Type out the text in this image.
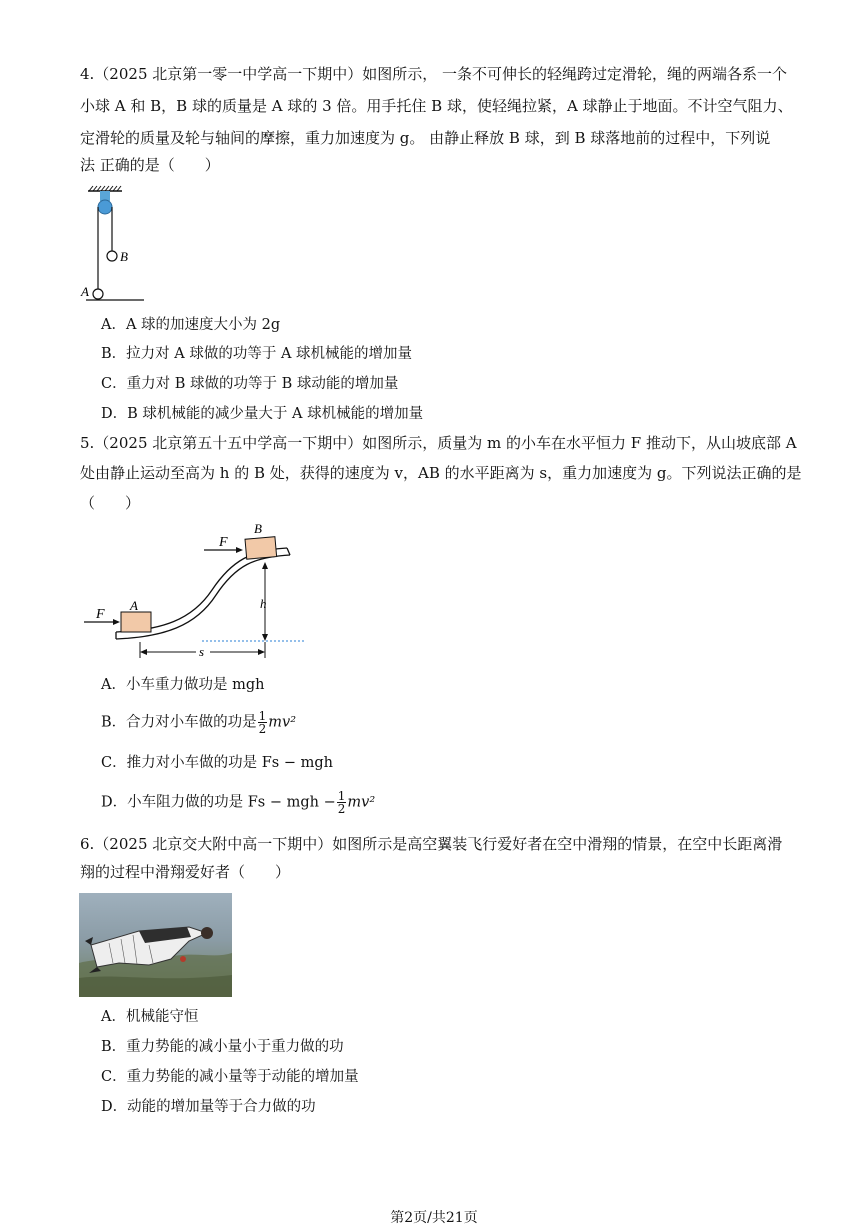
4.（2025 北京第一零一中学高一下期中）如图所示， 一条不可伸长的轻绳跨过定滑轮，绳的两端各系一个
小球 A 和 B，B 球的质量是 A 球的 3 倍。用手托住 B 球，使轻绳拉紧，A 球静止于地面。不计空气阻力、
定滑轮的质量及轮与轴间的摩擦，重力加速度为 g。 由静止释放 B 球，到 B 球落地前的过程中，下列说
法 正确的是（　　）
B
A
A．A 球的加速度大小为 2g
B．拉力对 A 球做的功等于 A 球机械能的增加量
C．重力对 B 球做的功等于 B 球动能的增加量
D．B 球机械能的减少量大于 A 球机械能的增加量
5.（2025 北京第五十五中学高一下期中）如图所示，质量为 m 的小车在水平恒力 F 推动下，从山坡底部 A
处由静止运动至高为 h 的 B 处，获得的速度为 v，AB 的水平距离为 s，重力加速度为 g。下列说法正确的是
（　　）
A
F
B
F
h
s
A．小车重力做功是 mgh
B．合力对小车做的功是 $\frac{1}{2} mv^2$
C．推力对小车做的功是 Fs − mgh
D．小车阻力做的功是 Fs − mgh − $\frac{1}{2} mv^2$
6.（2025 北京交大附中高一下期中）如图所示是高空翼装飞行爱好者在空中滑翔的情景，在空中长距离滑
翔的过程中滑翔爱好者（　　）
A．机械能守恒
B．重力势能的减小量小于重力做的功
C．重力势能的减小量等于动能的增加量
D．动能的增加量等于合力做的功
第2页/共21页
